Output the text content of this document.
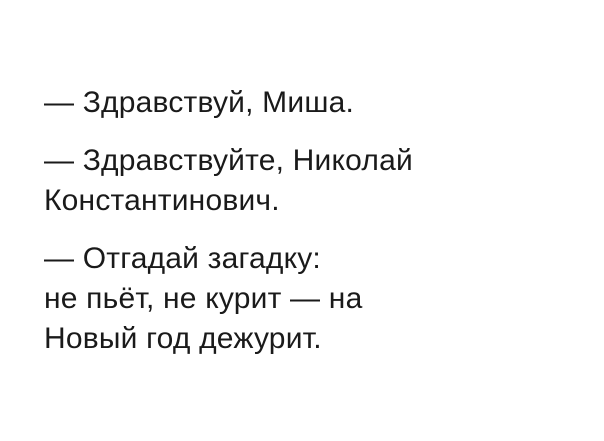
— Здравствуй, Миша.
— Здравствуйте, Николай
Константинович.
— Отгадай загадку:
не пьёт, не курит — на
Новый год дежурит.
